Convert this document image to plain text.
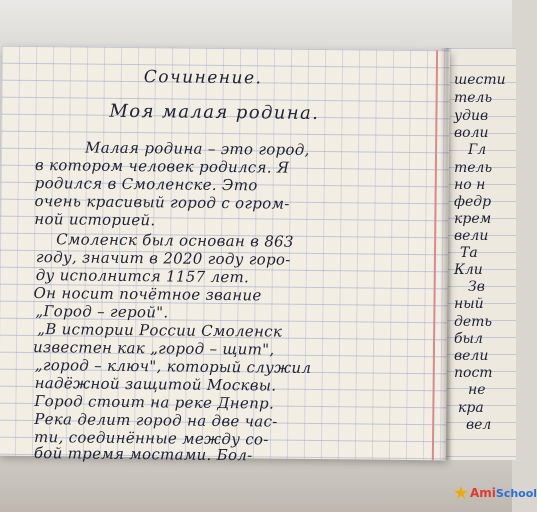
шести
тель
удив
воли
Гл
тель
но н
федр
крем
вели
Та
Кли
Зв
ный
деть
был
вели
пост
не
кра
вел
Сочинение.
Моя малая родина.
Малая родина – это город,
в котором человек родился. Я
родился в Смоленске. Это
очень красивый город с огром-
ной историей.
Смоленск был основан в 863
году, значит в 2020 году горо-
ду исполнится 1157 лет.
Он носит почётное звание
„Город – герой".
„В истории России Смоленск
известен как „город – щит",
„город – ключ", который служил
надёжной защитой Москвы.
Город стоит на реке Днепр.
Река делит город на две час-
ти, соединённые между со-
бой тремя мостами. Бол-
Ami School
